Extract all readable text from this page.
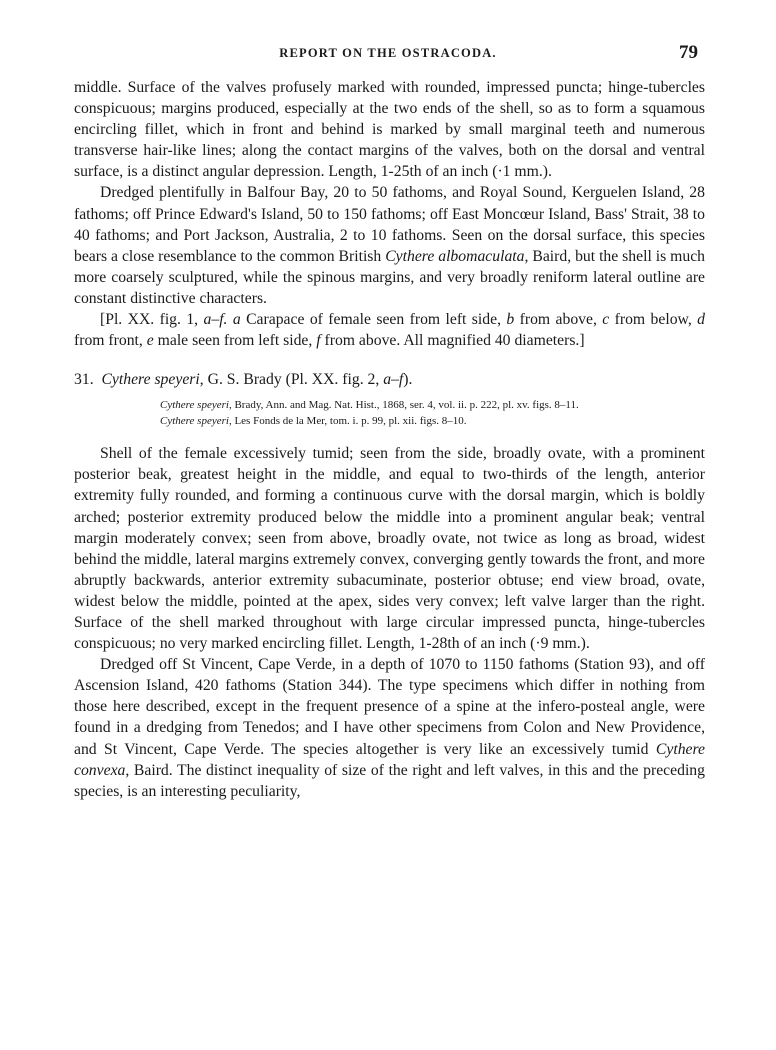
REPORT ON THE OSTRACODA.	79

middle. Surface of the valves profusely marked with rounded, impressed puncta; hinge-tubercles conspicuous; margins produced, especially at the two ends of the shell, so as to form a squamous encircling fillet, which in front and behind is marked by small marginal teeth and numerous transverse hair-like lines; along the contact margins of the valves, both on the dorsal and ventral surface, is a distinct angular depression. Length, 1-25th of an inch (·1 mm.).

Dredged plentifully in Balfour Bay, 20 to 50 fathoms, and Royal Sound, Kerguelen Island, 28 fathoms; off Prince Edward's Island, 50 to 150 fathoms; off East Moncœur Island, Bass' Strait, 38 to 40 fathoms; and Port Jackson, Australia, 2 to 10 fathoms. Seen on the dorsal surface, this species bears a close resemblance to the common British Cythere albomaculata, Baird, but the shell is much more coarsely sculptured, while the spinous margins, and very broadly reniform lateral outline are constant distinctive characters.

[Pl. XX. fig. 1, a–f. a Carapace of female seen from left side, b from above, c from below, d from front, e male seen from left side, f from above. All magnified 40 diameters.]

31. Cythere speyeri, G. S. Brady (Pl. XX. fig. 2, a–f).

Cythere speyeri, Brady, Ann. and Mag. Nat. Hist., 1868, ser. 4, vol. ii. p. 222, pl. xv. figs. 8–11.
Cythere speyeri, Les Fonds de la Mer, tom. i. p. 99, pl. xii. figs. 8–10.

Shell of the female excessively tumid; seen from the side, broadly ovate, with a prominent posterior beak, greatest height in the middle, and equal to two-thirds of the length, anterior extremity fully rounded, and forming a continuous curve with the dorsal margin, which is boldly arched; posterior extremity produced below the middle into a prominent angular beak; ventral margin moderately convex; seen from above, broadly ovate, not twice as long as broad, widest behind the middle, lateral margins extremely convex, converging gently towards the front, and more abruptly backwards, anterior extremity subacuminate, posterior obtuse; end view broad, ovate, widest below the middle, pointed at the apex, sides very convex; left valve larger than the right. Surface of the shell marked throughout with large circular impressed puncta, hinge-tubercles conspicuous; no very marked encircling fillet. Length, 1-28th of an inch (·9 mm.).

Dredged off St Vincent, Cape Verde, in a depth of 1070 to 1150 fathoms (Station 93), and off Ascension Island, 420 fathoms (Station 344). The type specimens which differ in nothing from those here described, except in the frequent presence of a spine at the infero-posteal angle, were found in a dredging from Tenedos; and I have other specimens from Colon and New Providence, and St Vincent, Cape Verde. The species altogether is very like an excessively tumid Cythere convexa, Baird. The distinct inequality of size of the right and left valves, in this and the preceding species, is an interesting peculiarity,
